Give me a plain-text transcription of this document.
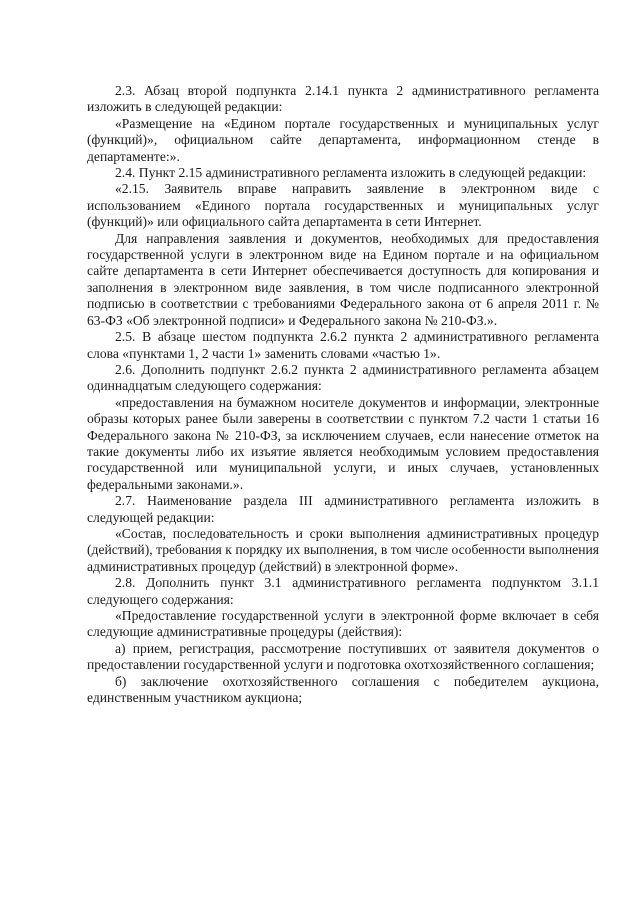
2.3. Абзац второй подпункта 2.14.1 пункта 2 административного регламента изложить в следующей редакции:

«Размещение на «Едином портале государственных и муниципальных услуг (функций)», официальном сайте департамента, информационном стенде в департаменте:».

2.4. Пункт 2.15 административного регламента изложить в следующей редакции:

«2.15. Заявитель вправе направить заявление в электронном виде с использованием «Единого портала государственных и муниципальных услуг (функций)» или официального сайта департамента в сети Интернет.

Для направления заявления и документов, необходимых для предоставления государственной услуги в электронном виде на Едином портале и на официальном сайте департамента в сети Интернет обеспечивается доступность для копирования и заполнения в электронном виде заявления, в том числе подписанного электронной подписью в соответствии с требованиями Федерального закона от 6 апреля 2011 г. № 63-ФЗ «Об электронной подписи» и Федерального закона № 210-ФЗ.».

2.5. В абзаце шестом подпункта 2.6.2 пункта 2 административного регламента слова «пунктами 1, 2 части 1» заменить словами «частью 1».

2.6. Дополнить подпункт 2.6.2 пункта 2 административного регламента абзацем одиннадцатым следующего содержания:

«предоставления на бумажном носителе документов и информации, электронные образы которых ранее были заверены в соответствии с пунктом 7.2 части 1 статьи 16 Федерального закона № 210-ФЗ, за исключением случаев, если нанесение отметок на такие документы либо их изъятие является необходимым условием предоставления государственной или муниципальной услуги, и иных случаев, установленных федеральными законами.».

2.7. Наименование раздела III административного регламента изложить в следующей редакции:

«Состав, последовательность и сроки выполнения административных процедур (действий), требования к порядку их выполнения, в том числе особенности выполнения административных процедур (действий) в электронной форме».

2.8. Дополнить пункт 3.1 административного регламента подпунктом 3.1.1 следующего содержания:

«Предоставление государственной услуги в электронной форме включает в себя следующие административные процедуры (действия):

а) прием, регистрация, рассмотрение поступивших от заявителя документов о предоставлении государственной услуги и подготовка охотхозяйственного соглашения;

б) заключение охотхозяйственного соглашения с победителем аукциона, единственным участником аукциона;
